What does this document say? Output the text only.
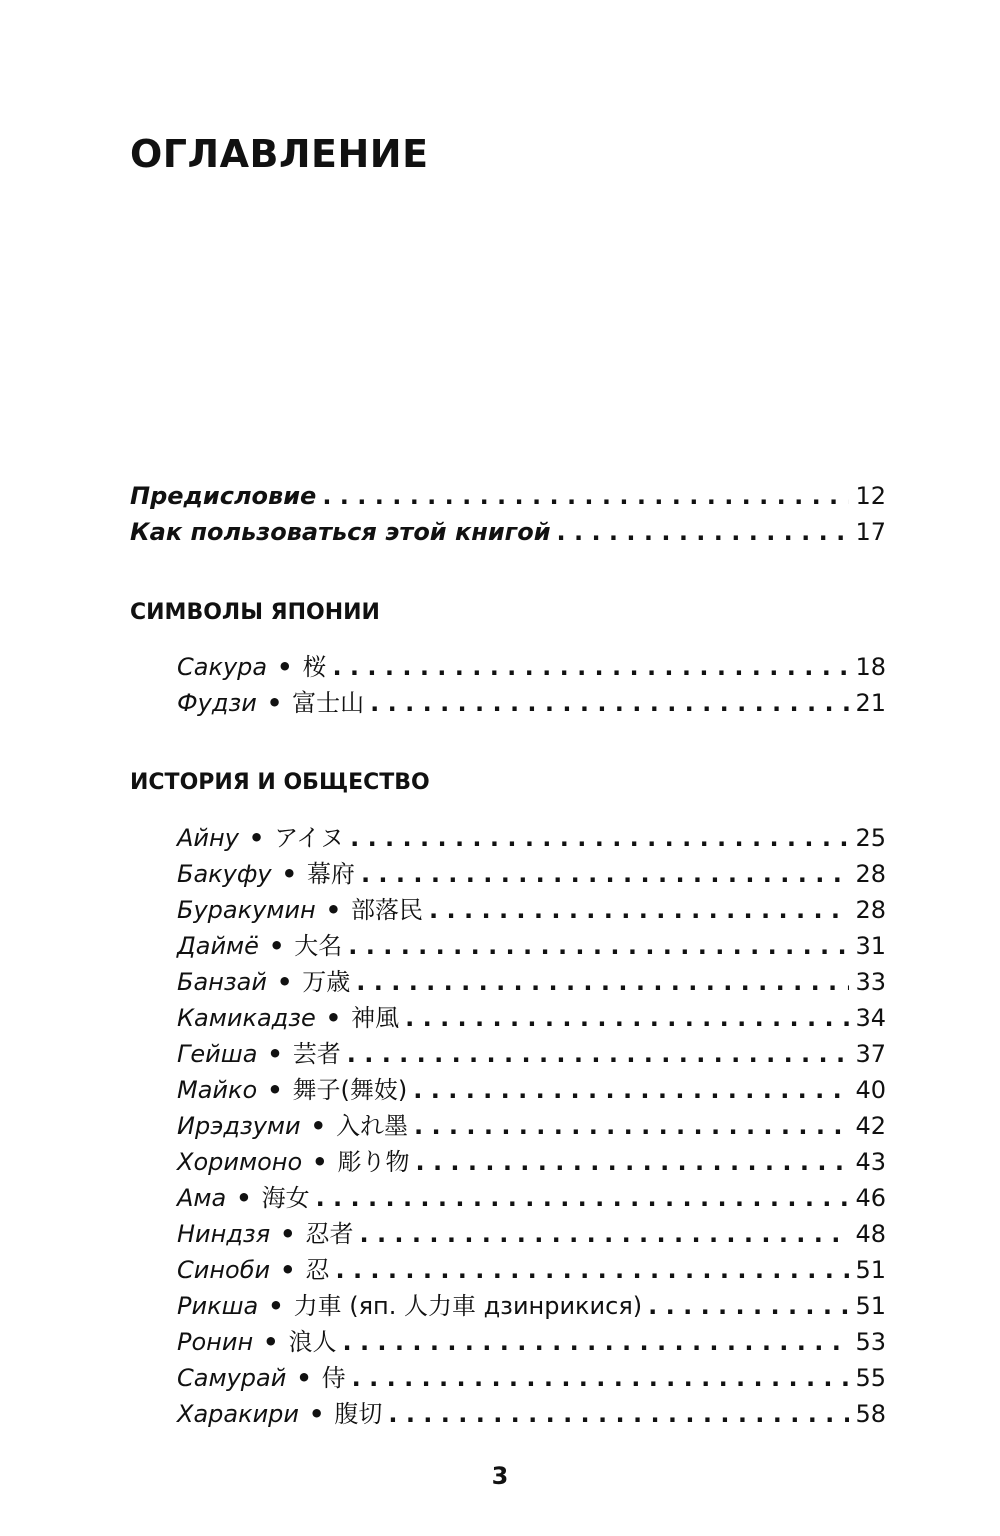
ОГЛАВЛЕНИЕ
Предисловие . . .	12
Как пользоваться этой книгой . . .	17
СИМВОЛЫ ЯПОНИИ
Сакура • 桜 . . .	18
Фудзи • 富士山 . . .	21
ИСТОРИЯ И ОБЩЕСТВО
Айну • アイヌ . . .	25
Бакуфу • 幕府 . . .	28
Буракумин • 部落民 . . .	28
Даймё • 大名 . . .	31
Банзай • 万歳 . . .	33
Камикадзе • 神風 . . .	34
Гейша • 芸者 . . .	37
Майко • 舞子(舞妓) . . .	40
Ирэдзуми • 入れ墨 . . .	42
Хоримоно • 彫り物 . . .	43
Ама • 海女 . . .	46
Ниндзя • 忍者 . . .	48
Синоби • 忍 . . .	51
Рикша • 力車 (яп. 人力車 дзинрикися) . . .	51
Ронин • 浪人 . . .	53
Самурай • 侍 . . .	55
Харакири • 腹切 . . .	58
3
